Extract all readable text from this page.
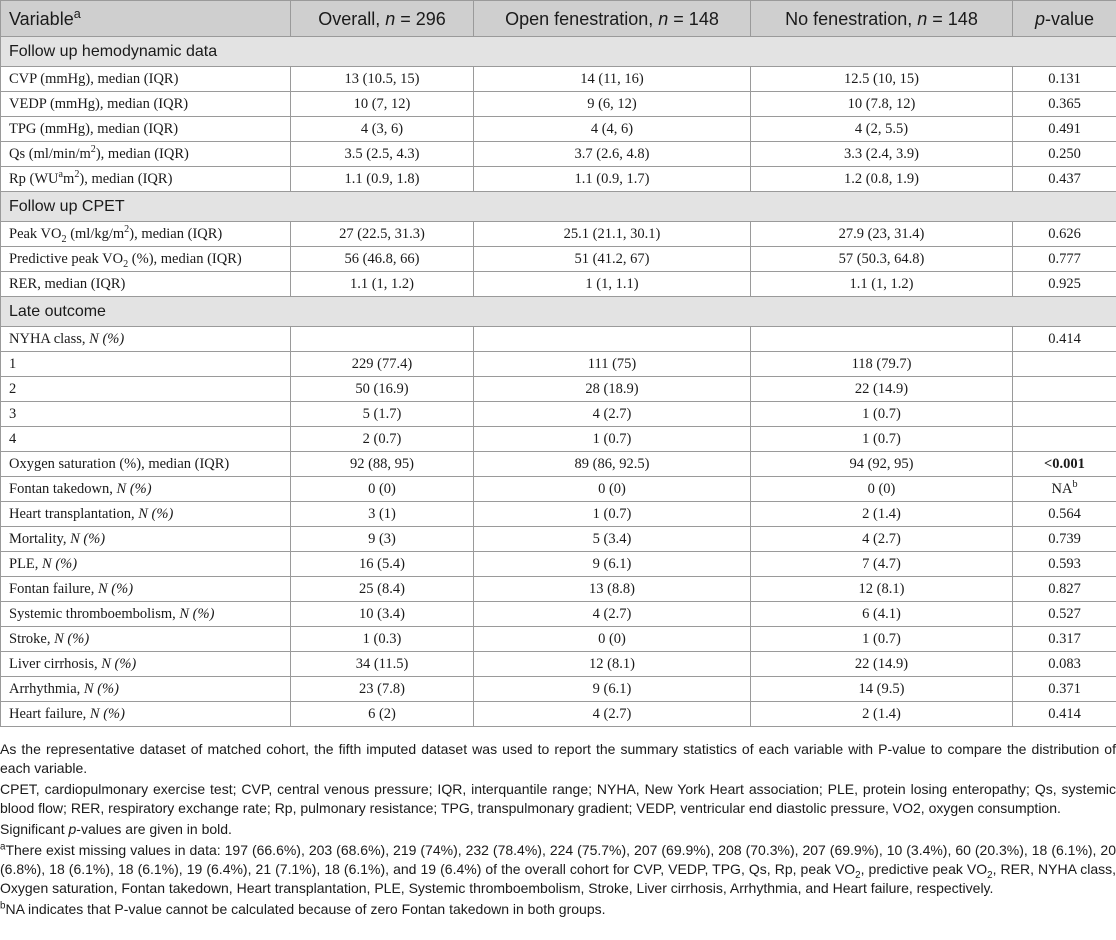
Variable$^a$	Overall, n = 296	Open fenestration, n = 148	No fenestration, n = 148	p-value
Follow up hemodynamic data				
CVP (mmHg), median (IQR)	13 (10.5, 15)	14 (11, 16)	12.5 (10, 15)	0.131
VEDP (mmHg), median (IQR)	10 (7, 12)	9 (6, 12)	10 (7.8, 12)	0.365
TPG (mmHg), median (IQR)	4 (3, 6)	4 (4, 6)	4 (2, 5.5)	0.491
Qs $(ml/\min/m^2)$, median (IQR)	3.5 (2.5, 4.3)	3.7 (2.6, 4.8)	3.3 (2.4, 3.9)	0.250
Rp $(WU^am^2)$, median (IQR)	1.1 (0.9, 1.8)	1.1 (0.9, 1.7)	1.2 (0.8, 1.9)	0.437
Follow up CPET				
Peak $VO_2$ $(ml/kg/m^2)$, median (IQR)	27 (22.5, 31.3)	25.1 (21.1, 30.1)	27.9 (23, 31.4)	0.626
Predictive peak $VO_2$ (%), median (IQR)	56 (46.8, 66)	51 (41.2, 67)	57 (50.3, 64.8)	0.777
RER, median (IQR)	1.1 (1, 1.2)	1 (1, 1.1)	1.1 (1, 1.2)	0.925
Late outcome				
NYHA class, N (%)				0.414
1	229 (77.4)	111 (75)	118 (79.7)	
2	50 (16.9)	28 (18.9)	22 (14.9)	
3	5 (1.7)	4 (2.7)	1 (0.7)	
4	2 (0.7)	1 (0.7)	1 (0.7)	
Oxygen saturation (%), median (IQR)	92 (88, 95)	89 (86, 92.5)	94 (92, 95)	<0.001
Fontan takedown, N (%)	0 (0)	0 (0)	0 (0)	$NA^b$
Heart transplantation, N (%)	3 (1)	1 (0.7)	2 (1.4)	0.564
Mortality, N (%)	9 (3)	5 (3.4)	4 (2.7)	0.739
PLE, N (%)	16 (5.4)	9 (6.1)	7 (4.7)	0.593
Fontan failure, N (%)	25 (8.4)	13 (8.8)	12 (8.1)	0.827
Systemic thromboembolism, N (%)	10 (3.4)	4 (2.7)	6 (4.1)	0.527
Stroke, N (%)	1 (0.3)	0 (0)	1 (0.7)	0.317
Liver cirrhosis, N (%)	34 (11.5)	12 (8.1)	22 (14.9)	0.083
Arrhythmia, N (%)	23 (7.8)	9 (6.1)	14 (9.5)	0.371
Heart failure, N (%)	6 (2)	4 (2.7)	2 (1.4)	0.414

As the representative dataset of matched cohort, the fifth imputed dataset was used to report the summary statistics of each variable with P-value to compare the distribution of each variable.

CPET, cardiopulmonary exercise test; CVP, central venous pressure; IQR, interquantile range; NYHA, New York Heart association; PLE, protein losing enteropathy; Qs, systemic blood flow; RER, respiratory exchange rate; Rp, pulmonary resistance; TPG, transpulmonary gradient; VEDP, ventricular end diastolic pressure, VO2, oxygen consumption.

Significant p-values are given in bold.

$^a$There exist missing values in data: 197 (66.6%), 203 (68.6%), 219 (74%), 232 (78.4%), 224 (75.7%), 207 (69.9%), 208 (70.3%), 207 (69.9%), 10 (3.4%), 60 (20.3%), 18 (6.1%), 20 (6.8%), 18 (6.1%), 18 (6.1%), 19 (6.4%), 21 (7.1%), 18 (6.1%), and 19 (6.4%) of the overall cohort for CVP, VEDP, TPG, Qs, Rp, peak $VO_2$, predictive peak $VO_2$, RER, NYHA class, Oxygen saturation, Fontan takedown, Heart transplantation, PLE, Systemic thromboembolism, Stroke, Liver cirrhosis, Arrhythmia, and Heart failure, respectively.

$^b$NA indicates that P-value cannot be calculated because of zero Fontan takedown in both groups.
